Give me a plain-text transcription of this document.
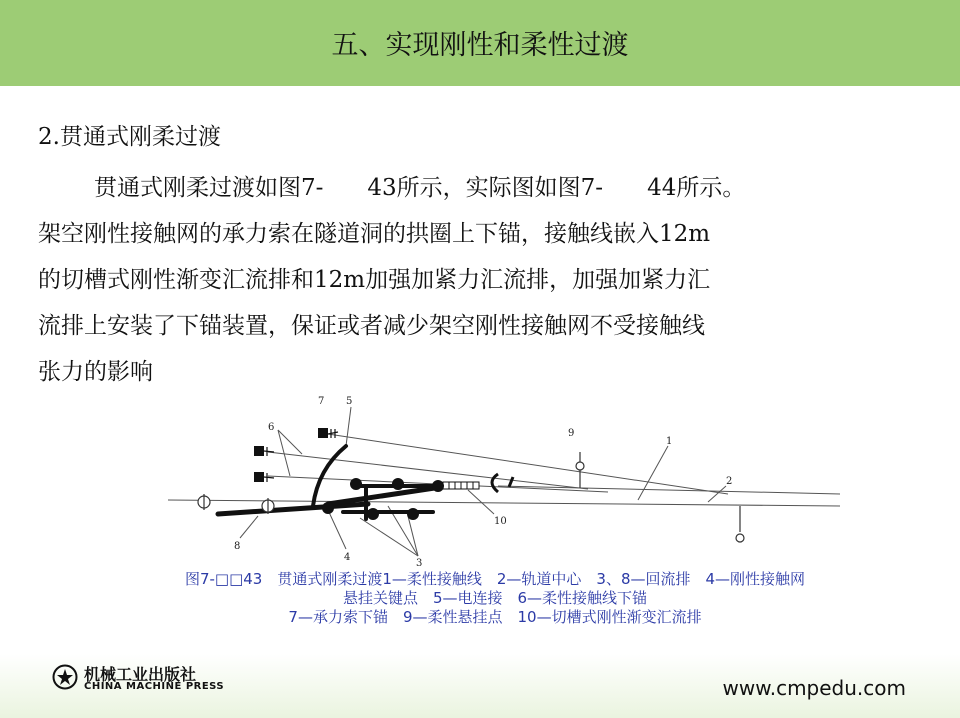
五、实现刚性和柔性过渡
2.贯通式刚柔过渡
贯通式刚柔过渡如图7- 43所示，实际图如图7- 44所示。
架空刚性接触网的承力索在隧道洞的拱圈上下锚，接触线嵌入12m
的切槽式刚性渐变汇流排和12m加强加紧力汇流排，加强加紧力汇
流排上安装了下锚装置，保证或者减少架空刚性接触网不受接触线
张力的影响
7 5
6
9
1
2
10
8
4
3
图7-□□43　贯通式刚柔过渡1—柔性接触线　2—轨道中心　3、8—回流排　4—刚性接触网
悬挂关键点　5—电连接　6—柔性接触线下锚
7—承力索下锚　9—柔性悬挂点　10—切槽式刚性渐变汇流排
机械工业出版社
CHINA MACHINE PRESS	www.cmpedu.com
